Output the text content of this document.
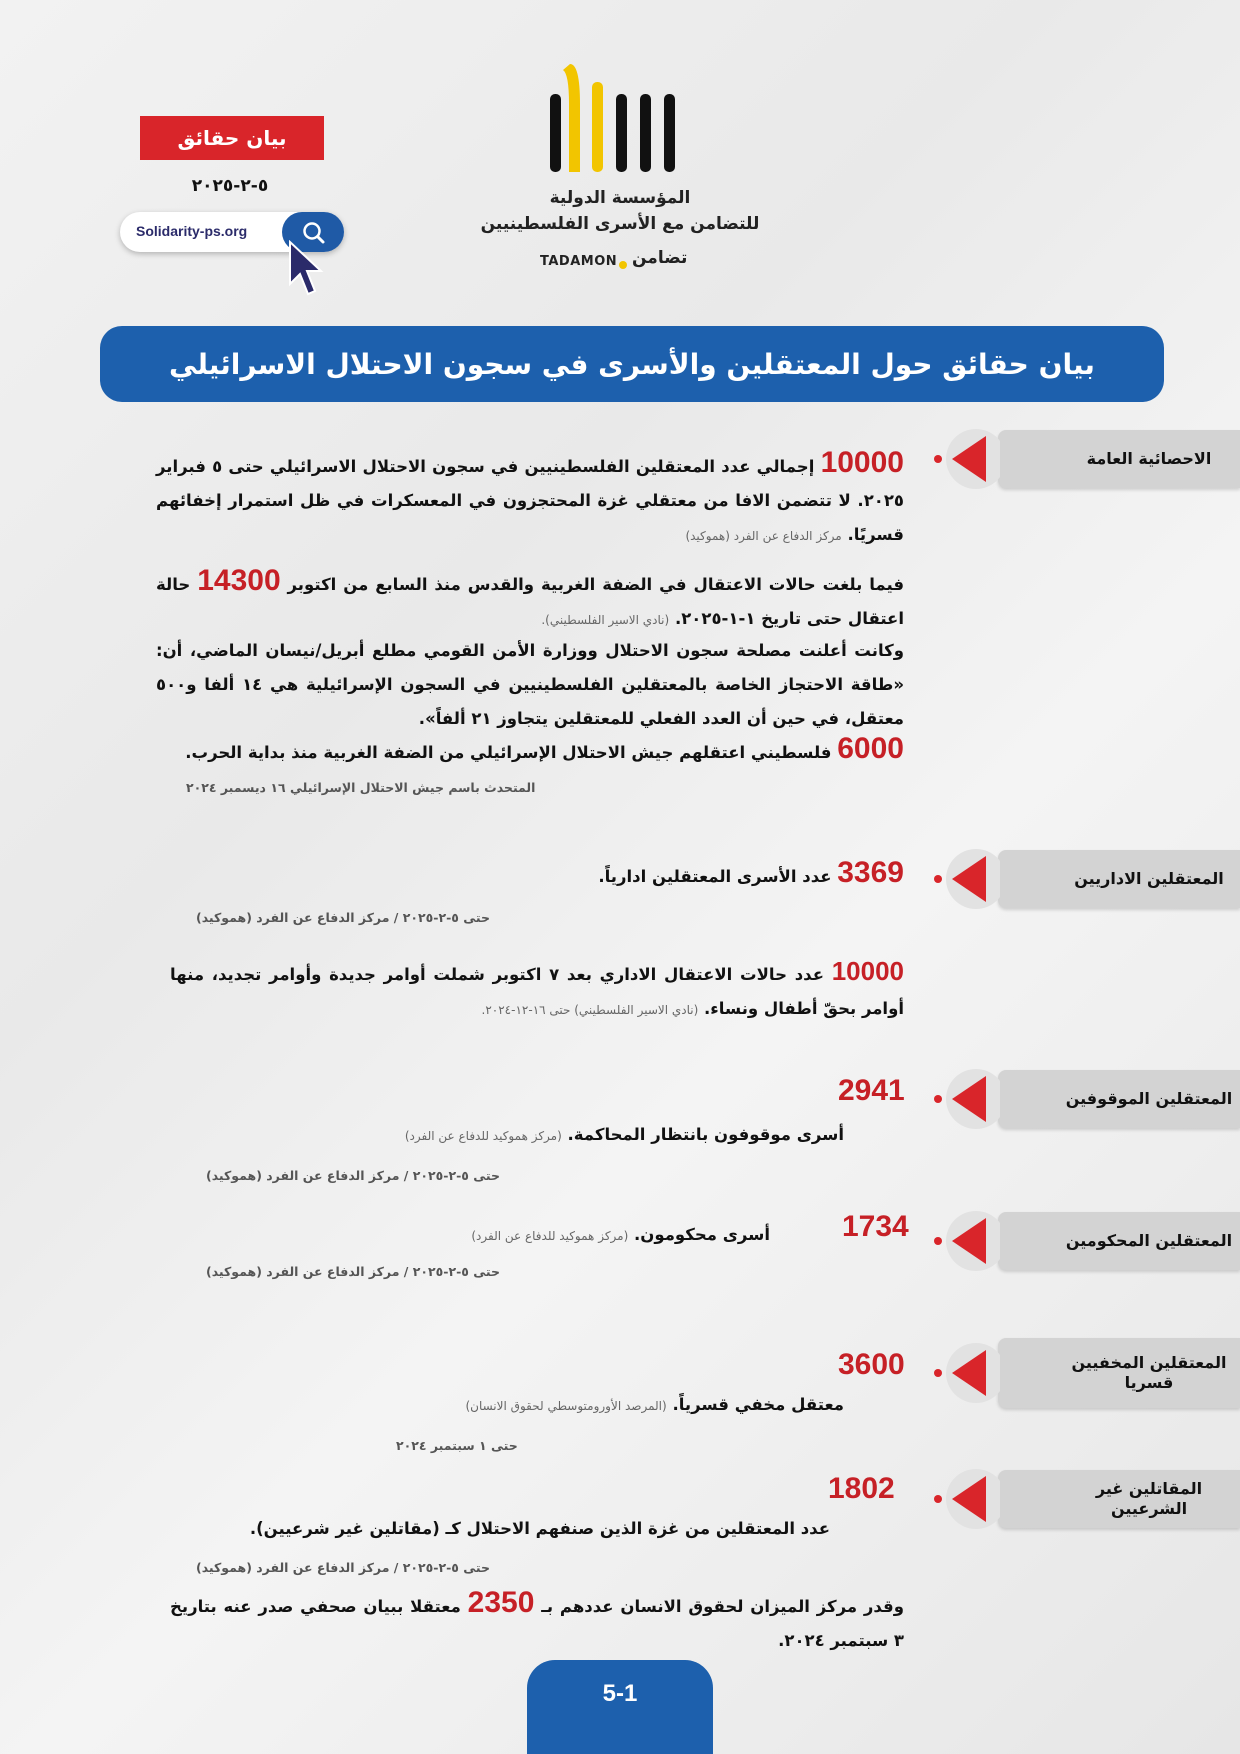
المؤسسة الدولية
للتضامن مع الأسرى الفلسطينيين
TADAMON تضامن
بيان حقائق
٥-٢-٢٠٢٥
Solidarity-ps.org
بيان حقائق حول المعتقلين والأسرى في سجون الاحتلال الاسرائيلي
الاحصائية العامة
المعتقلين الاداريين
المعتقلين الموقوفين
المعتقلين المحكومين
المعتقلين المخفيين قسريا
المقاتلين غير الشرعيين
10000 إجمالي عدد المعتقلين الفلسطينيين في سجون الاحتلال الاسرائيلي حتى ٥ فبراير ٢٠٢٥. لا تتضمن الافا من معتقلي غزة المحتجزون في المعسكرات في ظل استمرار إخفائهم قسريًا. مركز الدفاع عن الفرد (هموكيد)
فيما بلغت حالات الاعتقال في الضفة الغربية والقدس منذ السابع من اكتوبر 14300 حالة اعتقال حتى تاريخ ١-١-٢٠٢٥. (نادي الاسير الفلسطيني).
وكانت أعلنت مصلحة سجون الاحتلال ووزارة الأمن القومي مطلع أبريل/نيسان الماضي، أن: «طاقة الاحتجاز الخاصة بالمعتقلين الفلسطينيين في السجون الإسرائيلية هي ١٤ ألفا و٥٠٠ معتقل، في حين أن العدد الفعلي للمعتقلين يتجاوز ٢١ ألفاً».
6000 فلسطيني اعتقلهم جيش الاحتلال الإسرائيلي من الضفة الغربية منذ بداية الحرب.
المتحدث باسم جيش الاحتلال الإسرائيلي ١٦ ديسمبر ٢٠٢٤
3369 عدد الأسرى المعتقلين ادارياً.
حتى ٥-٢-٢٠٢٥ / مركز الدفاع عن الفرد (هموكيد)
10000 عدد حالات الاعتقال الاداري بعد ٧ اكتوبر شملت أوامر جديدة وأوامر تجديد، منها أوامر بحقّ أطفال ونساء. (نادي الاسير الفلسطيني) حتى ١٦-١٢-٢٠٢٤.
2941
أسرى موقوفون بانتظار المحاكمة. (مركز هموكيد للدفاع عن الفرد)
حتى ٥-٢-٢٠٢٥ / مركز الدفاع عن الفرد (هموكيد)
1734
أسرى محكومون. (مركز هموكيد للدفاع عن الفرد)
حتى ٥-٢-٢٠٢٥ / مركز الدفاع عن الفرد (هموكيد)
3600
معتقل مخفي قسرياً. (المرصد الأورومتوسطي لحقوق الانسان)
حتى ١ سبتمبر ٢٠٢٤
1802
عدد المعتقلين من غزة الذين صنفهم الاحتلال كـ (مقاتلين غير شرعيين).
حتى ٥-٢-٢٠٢٥ / مركز الدفاع عن الفرد (هموكيد)
وقدر مركز الميزان لحقوق الانسان عددهم بـ 2350 معتقلا ببيان صحفي صدر عنه بتاريخ ٣ سبتمبر ٢٠٢٤.
5-1
